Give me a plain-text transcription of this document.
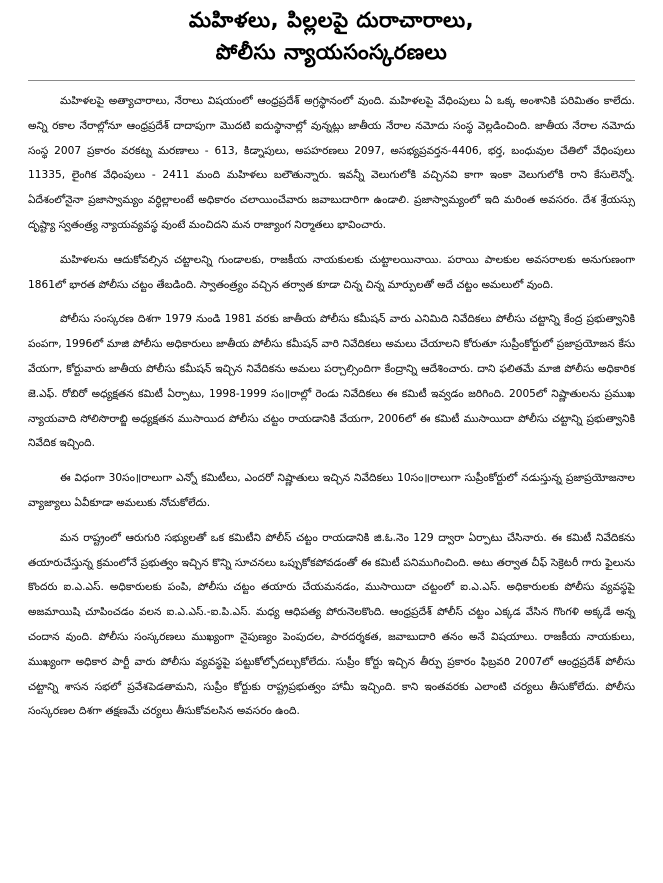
మహిళలు, పిల్లలపై దురాచారాలు,
పోలీసు న్యాయసంస్కరణలు

మహిళలపై అత్యాచారాలు, నేరాలు విషయంలో ఆంధ్రప్రదేశ్ అగ్రస్థానంలో వుంది. మహిళలపై వేధింపులు ఏ ఒక్క అంశానికి పరిమితం కాలేదు. అన్ని రకాల నేరాల్లోనూ ఆంధ్రప్రదేశ్ దాదాపుగా మొదటి ఐదుస్థానాల్లో వున్నట్లు జాతీయ నేరాల నమోదు సంస్థ వెల్లడించింది. జాతీయ నేరాల నమోదు సంస్థ 2007 ప్రకారం వరకట్న మరణాలు - 613, కిడ్నాపులు, అపహరణలు 2097, అసభ్యప్రవర్తన-4406, భర్త, బంధువుల చేతిలో వేధింపులు 11335, లైంగిక వేధింపులు - 2411 మంది మహిళలు బలౌతున్నారు. ఇవన్నీ వెలుగులోకి వచ్చినవి కాగా ఇంకా వెలుగులోకి రాని కేసులెన్నో. ఏదేశంలోనైనా ప్రజాస్వామ్యం వర్ధిల్లాలంటే అధికారం చలాయించేవారు జవాబుదారిగా ఉండాలి. ప్రజాస్వామ్యంలో ఇది మరింత అవసరం. దేశ శ్రేయస్సు దృష్ట్యా స్వతంత్ర్య న్యాయవ్యవస్థ వుంటే మంచిదని మన రాజ్యాంగ నిర్మాతలు భావించారు.

మహిళలను ఆదుకోవల్సిన చట్టాలన్ని గుండాలకు, రాజకీయ నాయకులకు చుట్టాలయినాయి. పరాయి పాలకుల అవసరాలకు అనుగుణంగా 1861లో భారత పోలీసు చట్టం తేబడింది. స్వాతంత్ర్యం వచ్చిన తర్వాత కూడా చిన్న చిన్న మార్పులతో అదే చట్టం అమలులో వుంది.

పోలీసు సంస్కరణ దిశగా 1979 నుండి 1981 వరకు జాతీయ పోలీసు కమీషన్ వారు ఎనిమిది నివేదికలు పోలీసు చట్టాన్ని కేంద్ర ప్రభుత్వానికి పంపగా, 1996లో మాజి పోలీసు అధికారులు జాతీయ పోలీసు కమీషన్ వారి నివేదికలు అమలు చేయాలని కోరుతూ సుప్రీంకోర్టులో ప్రజాప్రయోజన కేసు వేయగా, కోర్టువారు జాతీయ పోలీసు కమీషన్ ఇచ్చిన నివేదికను అమలు పర్చాల్సిందిగా కేంద్రాన్ని ఆదేశించారు. దాని ఫలితమే మాజి పోలీసు అధికారిక జె.ఎఫ్. రోబిరో అధ్యక్షతన కమిటీ ఏర్పాటు, 1998-1999 సం॥రాల్లో రెండు నివేదికలు ఈ కమిటీ ఇవ్వడం జరిగింది. 2005లో నిష్ణాతులను ప్రముఖ న్యాయవాది సోలిసొరాబ్జి అధ్యక్షతన ముసాయిద పోలీసు చట్టం రాయడానికి వేయగా, 2006లో ఈ కమిటీ ముసాయిదా పోలీసు చట్టాన్ని ప్రభుత్వానికి నివేదిక ఇచ్చింది.

ఈ విధంగా 30సం॥రాలుగా ఎన్నో కమిటీలు, ఎందరో నిష్ణాతులు ఇచ్చిన నివేదికలు 10సం॥రాలుగా సుప్రీంకోర్టులో నడుస్తున్న ప్రజాప్రయోజనాల వ్యాజ్యాలు ఏవీకూడా అమలుకు నోచుకోలేదు.

మన రాష్ట్రంలో ఆరుగురి సభ్యులతో ఒక కమిటీని పోలీస్ చట్టం రాయడానికి జి.ఓ.నెం 129 ద్వారా ఏర్పాటు చేసినారు. ఈ కమిటీ నివేదికను తయారుచేస్తున్న క్రమంలోనే ప్రభుత్వం ఇచ్చిన కొన్ని సూచనలు ఒప్పుకోకపోవడంతో ఈ కమిటీ పనిముగించింది. అటు తర్వాత చీఫ్ సెక్రెటరీ గారు ఫైలును కొందరు ఐ.ఎ.ఎస్. అధికారులకు పంపి, పోలీసు చట్టం తయారు చేయమనడం, ముసాయిదా చట్టంలో ఐ.ఎ.ఎస్. అధికారులకు పోలీసు వ్యవస్థపై అజమాయిషి చూపించడం వలన ఐ.ఎ.ఎస్.-ఐ.పి.ఎస్. మధ్య ఆధిపత్య పోరునెలకొంది. ఆంధ్రప్రదేశ్ పోలీస్ చట్టం ఎక్కడ వేసిన గొంగళి అక్కడే అన్న చందాన వుంది. పోలీసు సంస్కరణలు ముఖ్యంగా నైపుణ్యం పెంపుదల, పారదర్శకత, జవాబుదారి తనం అనే విషయాలు. రాజకీయ నాయకులు, ముఖ్యంగా అధికార పార్టీ వారు పోలీసు వ్యవస్థపై పట్టుకోల్పోదల్చుకోలేదు. సుప్రీం కోర్టు ఇచ్చిన తీర్పు ప్రకారం ఫిబ్రవరి 2007లో ఆంధ్రప్రదేశ్ పోలీసు చట్టాన్ని శాసన సభలో ప్రవేశపెడతామని, సుప్రీం కోర్టుకు రాష్ట్రప్రభుత్వం హామీ ఇచ్చింది. కాని ఇంతవరకు ఎలాంటి చర్యలు తీసుకోలేదు. పోలీసు సంస్కరణల దిశగా తక్షణమే చర్యలు తీసుకోవలసిన అవసరం ఉంది.
